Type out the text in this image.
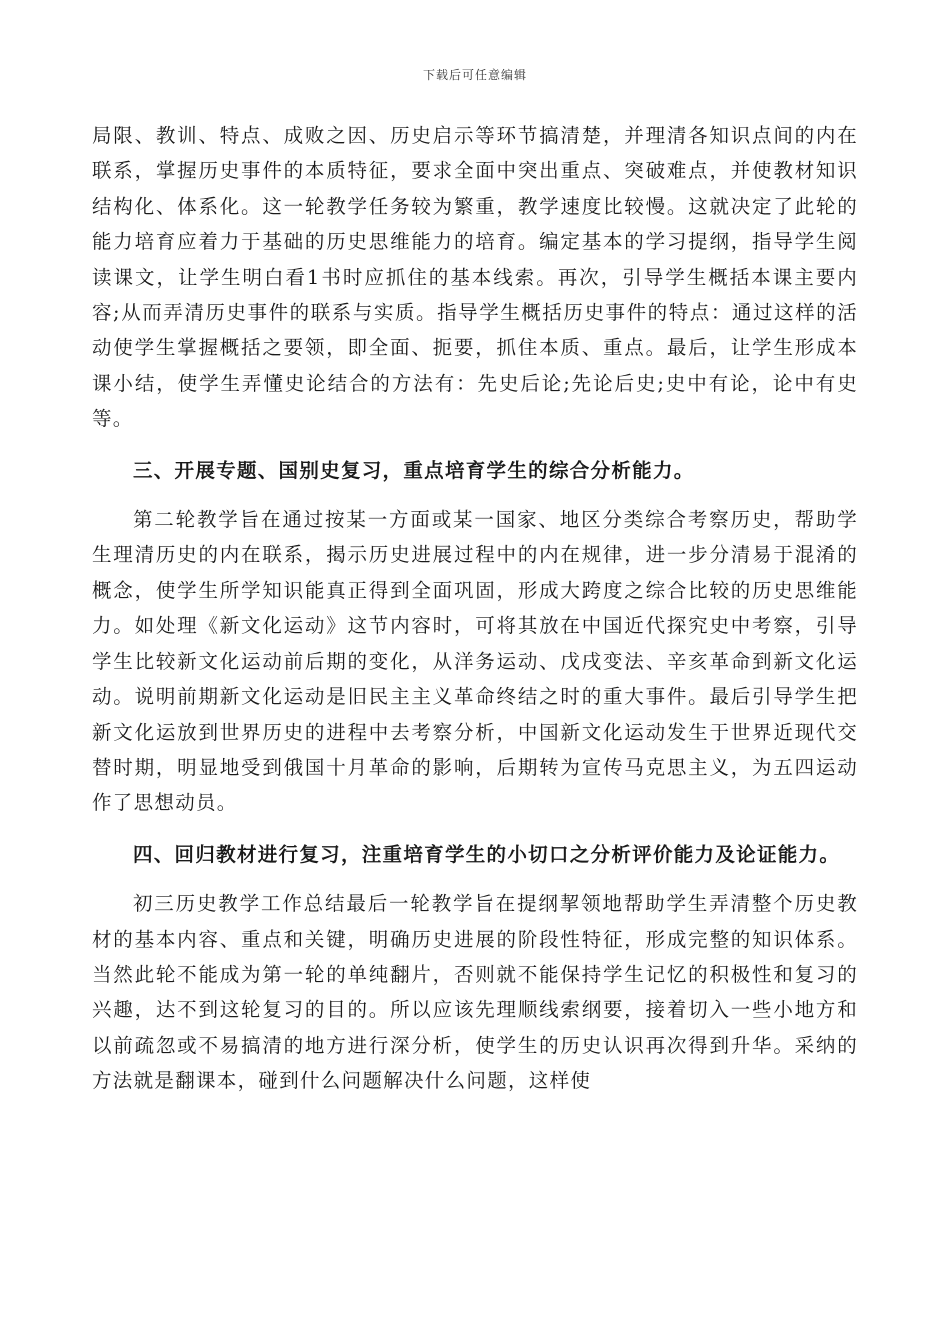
下载后可任意编辑

局限、教训、特点、成败之因、历史启示等环节搞清楚，并理清各知识点间的内在联系，掌握历史事件的本质特征，要求全面中突出重点、突破难点，并使教材知识结构化、体系化。这一轮教学任务较为繁重，教学速度比较慢。这就决定了此轮的能力培育应着力于基础的历史思维能力的培育。编定基本的学习提纲，指导学生阅读课文，让学生明白看1书时应抓住的基本线索。再次，引导学生概括本课主要内容;从而弄清历史事件的联系与实质。指导学生概括历史事件的特点：通过这样的活动使学生掌握概括之要领，即全面、扼要，抓住本质、重点。最后，让学生形成本课小结，使学生弄懂史论结合的方法有：先史后论;先论后史;史中有论，论中有史等。

三、开展专题、国别史复习，重点培育学生的综合分析能力。

第二轮教学旨在通过按某一方面或某一国家、地区分类综合考察历史，帮助学生理清历史的内在联系，揭示历史进展过程中的内在规律，进一步分清易于混淆的概念，使学生所学知识能真正得到全面巩固，形成大跨度之综合比较的历史思维能力。如处理《新文化运动》这节内容时，可将其放在中国近代探究史中考察，引导学生比较新文化运动前后期的变化，从洋务运动、戊戌变法、辛亥革命到新文化运动。说明前期新文化运动是旧民主主义革命终结之时的重大事件。最后引导学生把新文化运放到世界历史的进程中去考察分析，中国新文化运动发生于世界近现代交替时期，明显地受到俄国十月革命的影响，后期转为宣传马克思主义，为五四运动作了思想动员。

四、回归教材进行复习，注重培育学生的小切口之分析评价能力及论证能力。

初三历史教学工作总结最后一轮教学旨在提纲挈领地帮助学生弄清整个历史教材的基本内容、重点和关键，明确历史进展的阶段性特征，形成完整的知识体系。当然此轮不能成为第一轮的单纯翻片，否则就不能保持学生记忆的积极性和复习的兴趣，达不到这轮复习的目的。所以应该先理顺线索纲要，接着切入一些小地方和以前疏忽或不易搞清的地方进行深分析，使学生的历史认识再次得到升华。采纳的方法就是翻课本，碰到什么问题解决什么问题，这样使
